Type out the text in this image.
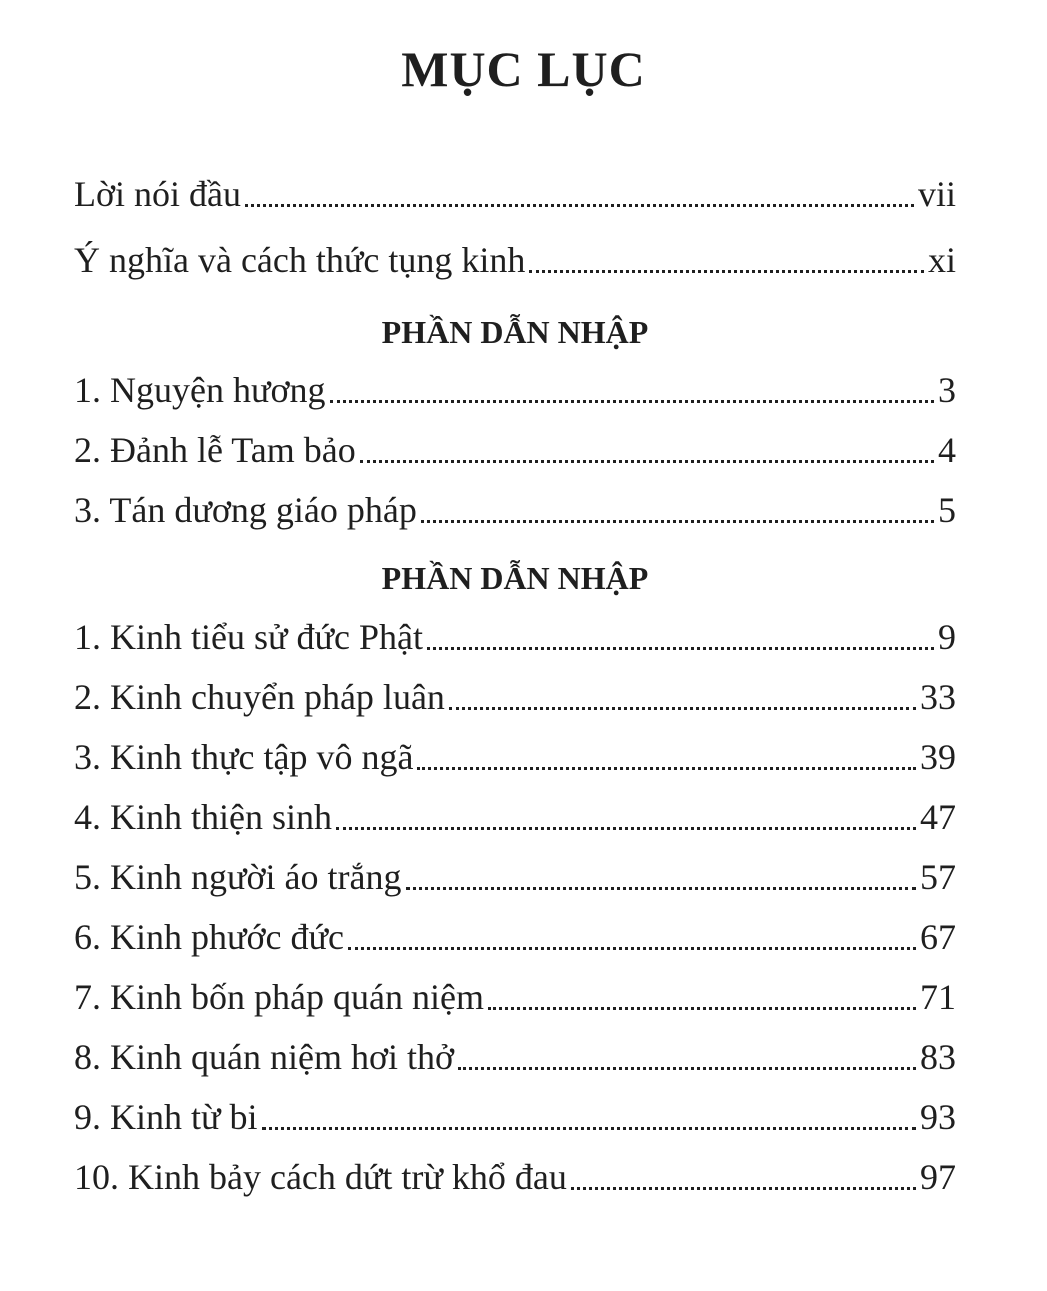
MỤC LỤC
Lời nói đầu	vii
Ý nghĩa và cách thức tụng kinh	xi
PHẦN DẪN NHẬP
1. Nguyện hương	3
2. Đảnh lễ Tam bảo	4
3. Tán dương giáo pháp	5
PHẦN DẪN NHẬP
1. Kinh tiểu sử đức Phật	9
2. Kinh chuyển pháp luân	33
3. Kinh thực tập vô ngã	39
4. Kinh thiện sinh	47
5. Kinh người áo trắng	57
6. Kinh phước đức	67
7. Kinh bốn pháp quán niệm	71
8. Kinh quán niệm hơi thở	83
9. Kinh từ bi	93
10. Kinh bảy cách dứt trừ khổ đau	97
